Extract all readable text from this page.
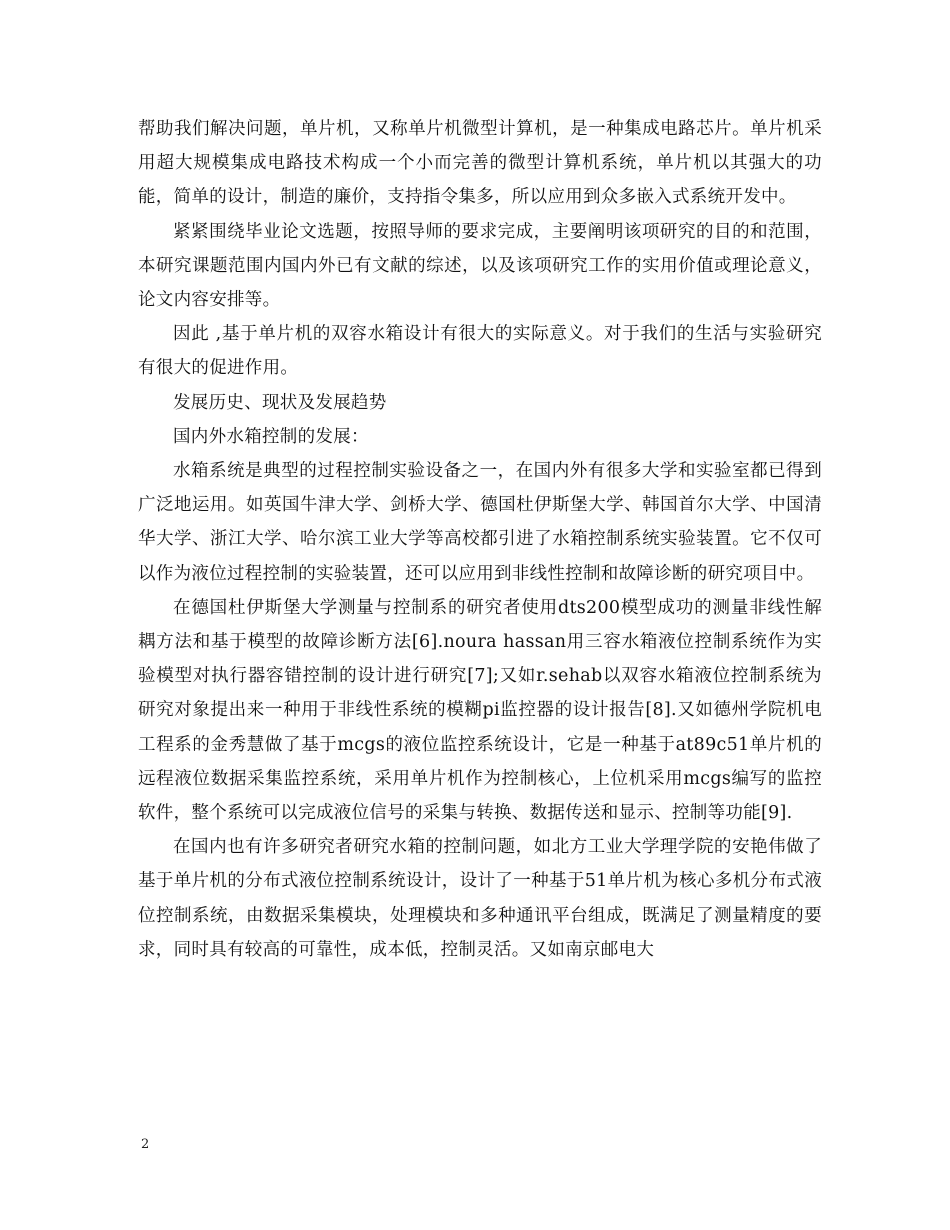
帮助我们解决问题，单片机，又称单片机微型计算机，是一种集成电路芯片。单片机采用超大规模集成电路技术构成一个小而完善的微型计算机系统，单片机以其强大的功能，简单的设计，制造的廉价，支持指令集多，所以应用到众多嵌入式系统开发中。

紧紧围绕毕业论文选题，按照导师的要求完成，主要阐明该项研究的目的和范围，本研究课题范围内国内外已有文献的综述，以及该项研究工作的实用价值或理论意义，论文内容安排等。

因此 ,基于单片机的双容水箱设计有很大的实际意义。对于我们的生活与实验研究有很大的促进作用。

发展历史、现状及发展趋势

国内外水箱控制的发展：

水箱系统是典型的过程控制实验设备之一，在国内外有很多大学和实验室都已得到广泛地运用。如英国牛津大学、剑桥大学、德国杜伊斯堡大学、韩国首尔大学、中国清华大学、浙江大学、哈尔滨工业大学等高校都引进了水箱控制系统实验装置。它不仅可以作为液位过程控制的实验装置，还可以应用到非线性控制和故障诊断的研究项目中。

在德国杜伊斯堡大学测量与控制系的研究者使用dts200模型成功的测量非线性解耦方法和基于模型的故障诊断方法[6].noura hassan用三容水箱液位控制系统作为实验模型对执行器容错控制的设计进行研究[7];又如r.sehab以双容水箱液位控制系统为研究对象提出来一种用于非线性系统的模糊pi监控器的设计报告[8].又如德州学院机电工程系的金秀慧做了基于mcgs的液位监控系统设计，它是一种基于at89c51单片机的远程液位数据采集监控系统，采用单片机作为控制核心，上位机采用mcgs编写的监控软件，整个系统可以完成液位信号的采集与转换、数据传送和显示、控制等功能[9].

在国内也有许多研究者研究水箱的控制问题，如北方工业大学理学院的安艳伟做了基于单片机的分布式液位控制系统设计，设计了一种基于51单片机为核心多机分布式液位控制系统，由数据采集模块，处理模块和多种通讯平台组成，既满足了测量精度的要求，同时具有较高的可靠性，成本低，控制灵活。又如南京邮电大

2
